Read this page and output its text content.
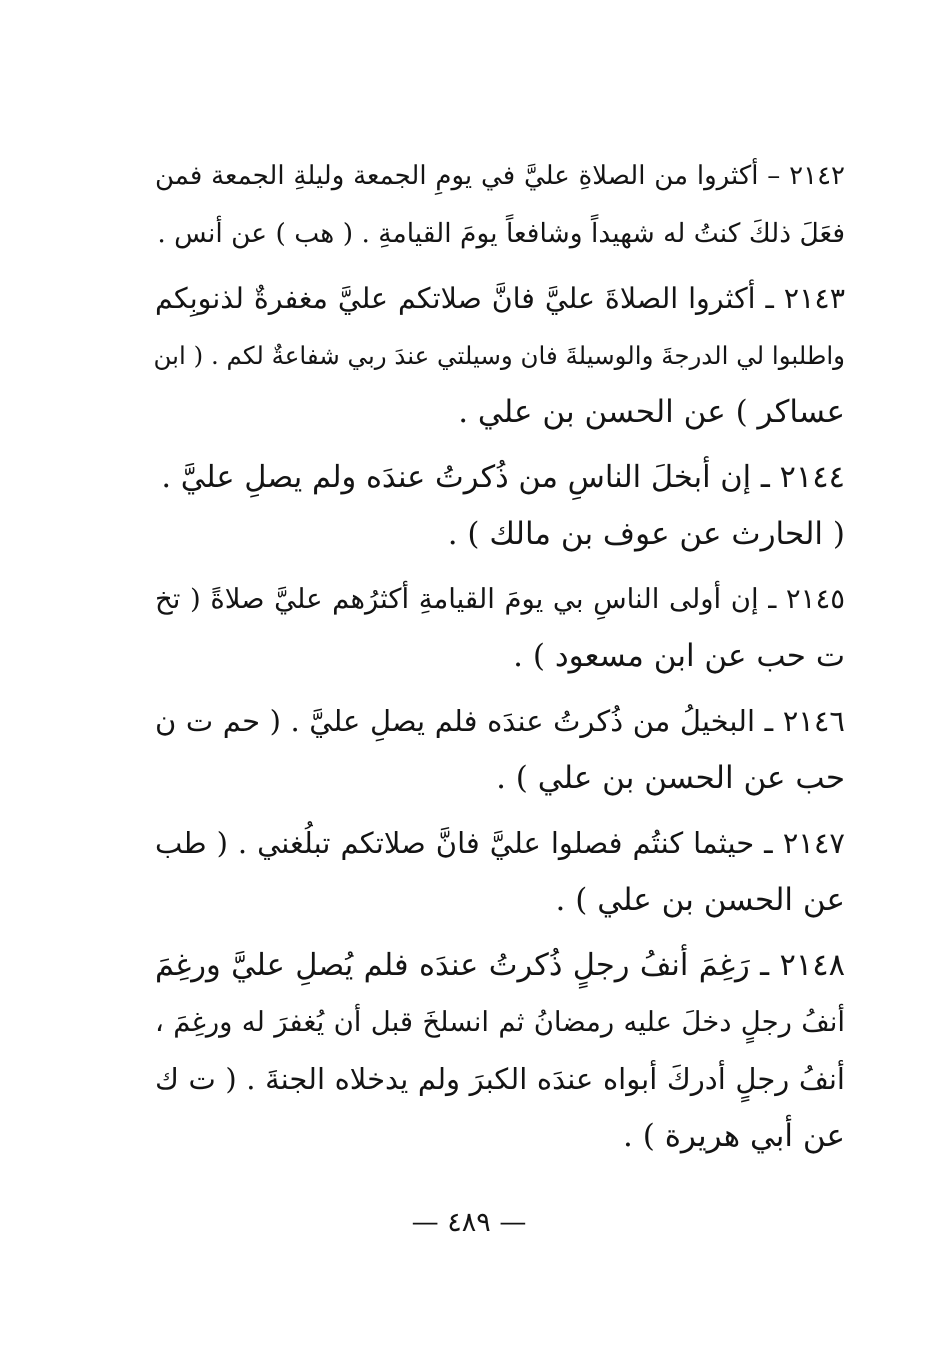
٢١٤٢ – أكثروا من الصلاةِ عليَّ في يومِ الجمعة وليلةِ الجمعة فمن
فعَلَ ذلكَ كنتُ له شهيداً وشافعاً يومَ القيامةِ . ( هب ) عن أنس .
٢١٤٣ ـ أكثروا الصلاةَ عليَّ فانَّ صلاتكم عليَّ مغفرةٌ لذنوبِكم
واطلبوا لي الدرجةَ والوسيلةَ فان وسيلتي عندَ ربي شفاعةٌ لكم . ( ابن
عساكر ) عن الحسن بن علي .
٢١٤٤ ـ إن أبخلَ الناسِ من ذُكرتُ عندَه ولم يصلِ عليَّ .
( الحارث عن عوف بن مالك ) .
٢١٤٥ ـ إن أولى الناسِ بي يومَ القيامةِ أكثرُهم عليَّ صلاةً ( تخ
ت حب عن ابن مسعود ) .
٢١٤٦ ـ البخيلُ من ذُكرتُ عندَه فلم يصلِ عليَّ . ( حم ت ن
حب عن الحسن بن علي ) .
٢١٤٧ ـ حيثما كنتُم فصلوا عليَّ فانَّ صلاتكم تبلُغني . ( طب
عن الحسن بن علي ) .
٢١٤٨ ـ رَغِمَ أنفُ رجلٍ ذُكرتُ عندَه فلم يُصلِ عليَّ ورغِمَ
أنفُ رجلٍ دخلَ عليه رمضانُ ثم انسلخَ قبل أن يُغفرَ له ورغِمَ ،
أنفُ رجلٍ أدركَ أبواه عندَه الكبرَ ولم يدخلاه الجنةَ . ( ت ك
عن أبي هريرة ) .
— ٤٨٩ —
